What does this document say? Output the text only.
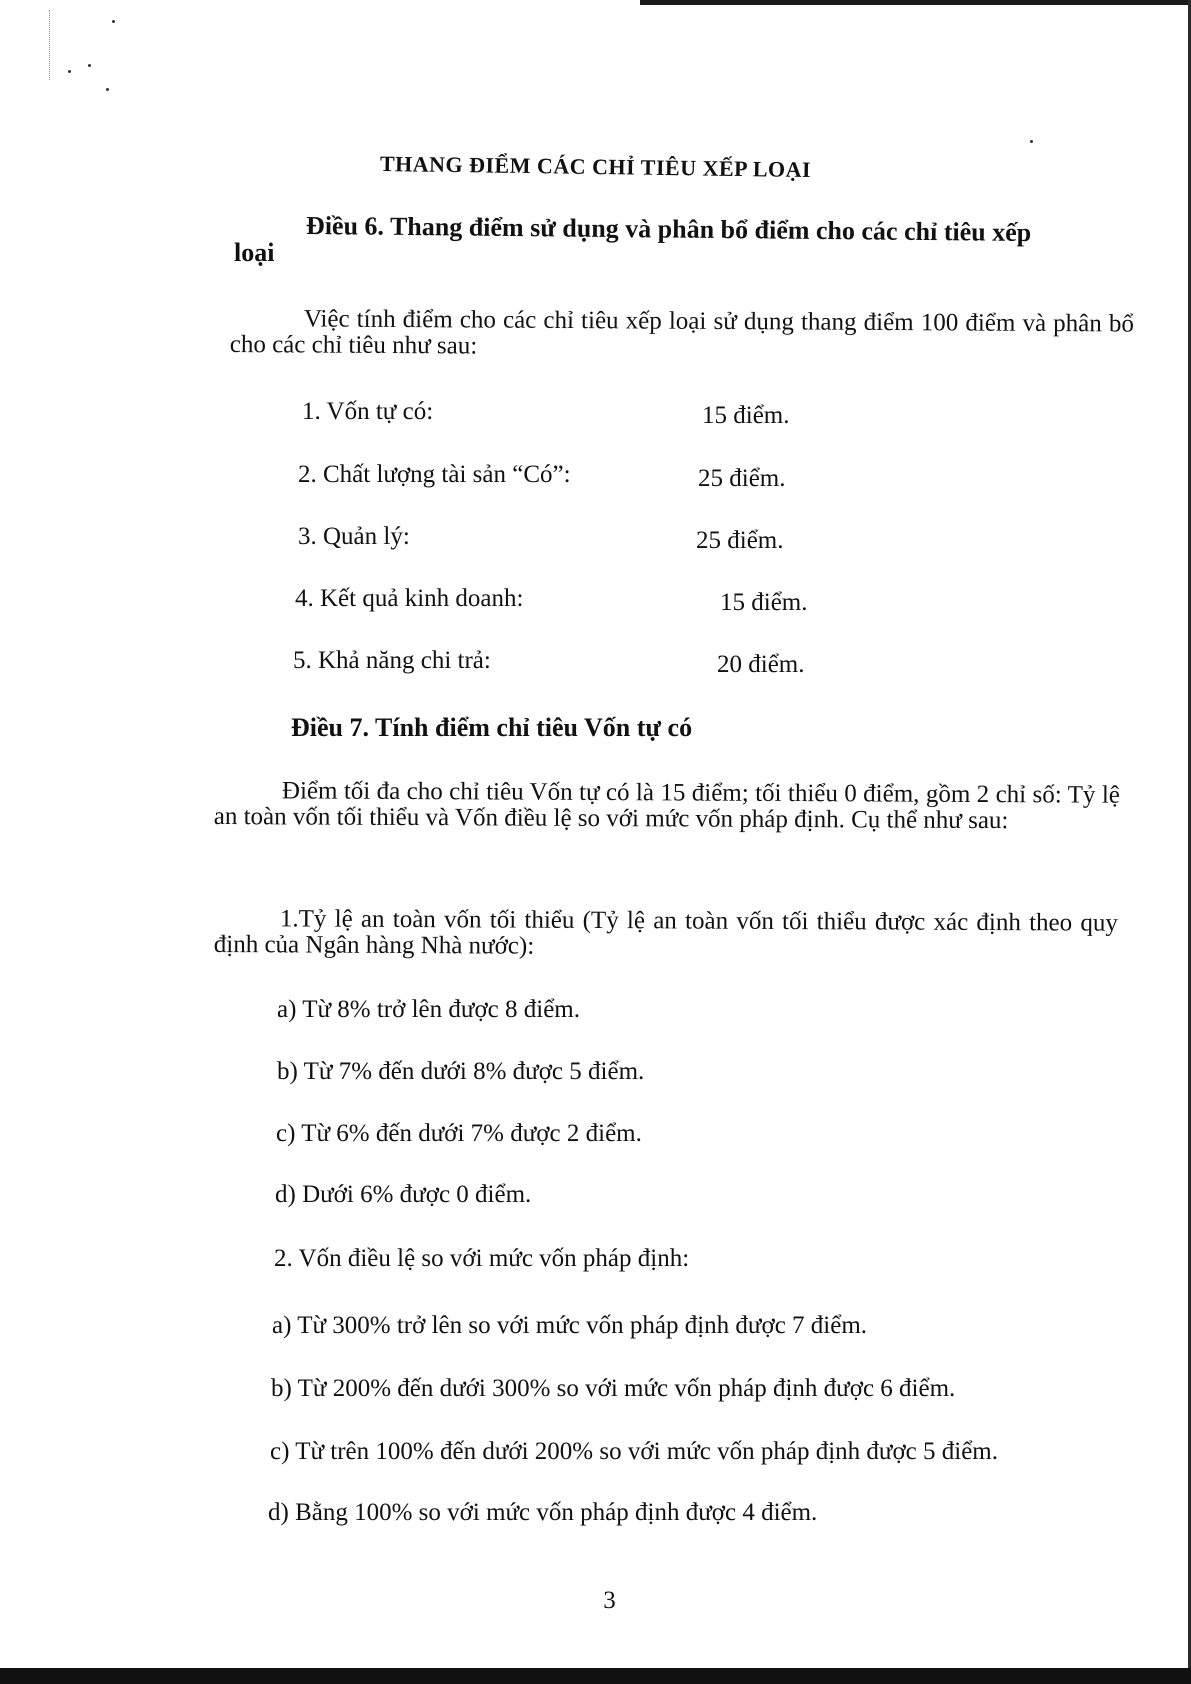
THANG ĐIỂM CÁC CHỈ TIÊU XẾP LOẠI

Điều 6. Thang điểm sử dụng và phân bổ điểm cho các chỉ tiêu xếp

loại

Việc tính điểm cho các chỉ tiêu xếp loại sử dụng thang điểm 100 điểm và phân bổ cho các chỉ tiêu như sau:

1. Vốn tự có:	15 điểm.
2. Chất lượng tài sản “Có”:	25 điểm.
3. Quản lý:	25 điểm.
4. Kết quả kinh doanh:	15 điểm.
5. Khả năng chi trả:	20 điểm.

Điều 7. Tính điểm chỉ tiêu Vốn tự có

Điểm tối đa cho chỉ tiêu Vốn tự có là 15 điểm; tối thiểu 0 điểm, gồm 2 chỉ số: Tỷ lệ an toàn vốn tối thiểu và Vốn điều lệ so với mức vốn pháp định. Cụ thể như sau:

1.Tỷ lệ an toàn vốn tối thiểu (Tỷ lệ an toàn vốn tối thiểu được xác định theo quy định của Ngân hàng Nhà nước):

a) Từ 8% trở lên được 8 điểm.

b) Từ 7% đến dưới 8% được 5 điểm.

c) Từ 6% đến dưới 7% được 2 điểm.

d) Dưới 6% được 0 điểm.

2. Vốn điều lệ so với mức vốn pháp định:

a) Từ 300% trở lên so với mức vốn pháp định được 7 điểm.

b) Từ 200% đến dưới 300% so với mức vốn pháp định được 6 điểm.

c) Từ trên 100% đến dưới 200% so với mức vốn pháp định được 5 điểm.

d) Bằng 100% so với mức vốn pháp định được 4 điểm.

3
